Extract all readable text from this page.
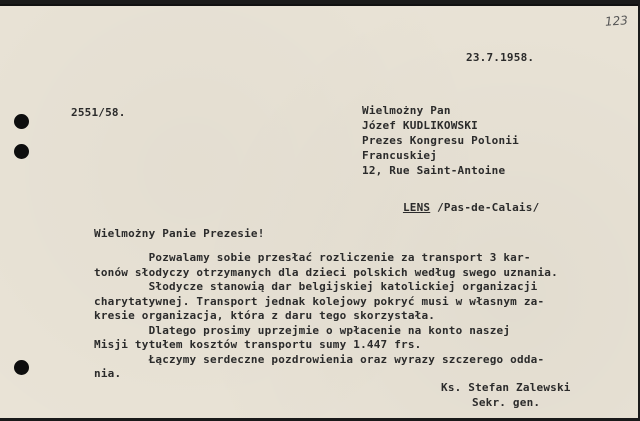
123
23.7.1958.
2551/58.	Wielmożny Pan
Józef KUDLIKOWSKI
Prezes Kongresu Polonii
Francuskiej
12, Rue Saint-Antoine

LENS /Pas-de-Calais/

Wielmożny Panie Prezesie!
Pozwalamy sobie przesłać rozliczenie za transport 3 kar-
tonów słodyczy otrzymanych dla dzieci polskich według swego uznania.
Słodycze stanowią dar belgijskiej katolickiej organizacji
charytatywnej. Transport jednak kolejowy pokryć musi w własnym za-
kresie organizacja, która z daru tego skorzystała.
Dlatego prosimy uprzejmie o wpłacenie na konto naszej
Misji tytułem kosztów transportu sumy 1.447 frs.
Łączymy serdeczne pozdrowienia oraz wyrazy szczerego odda-
nia.
Ks. Stefan Zalewski
Sekr. gen.
